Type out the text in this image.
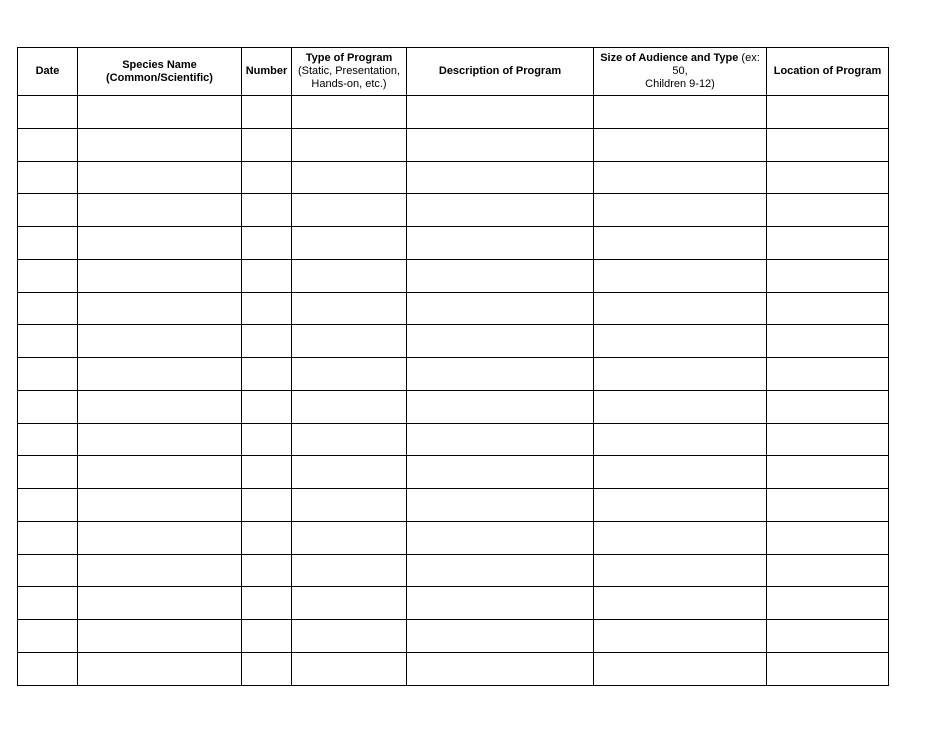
Date	Species Name
(Common/Scientific)	Number	Type of Program
(Static, Presentation,
Hands-on, etc.)	Description of Program	Size of Audience and Type (ex: 50,
Children 9-12)	Location of Program
